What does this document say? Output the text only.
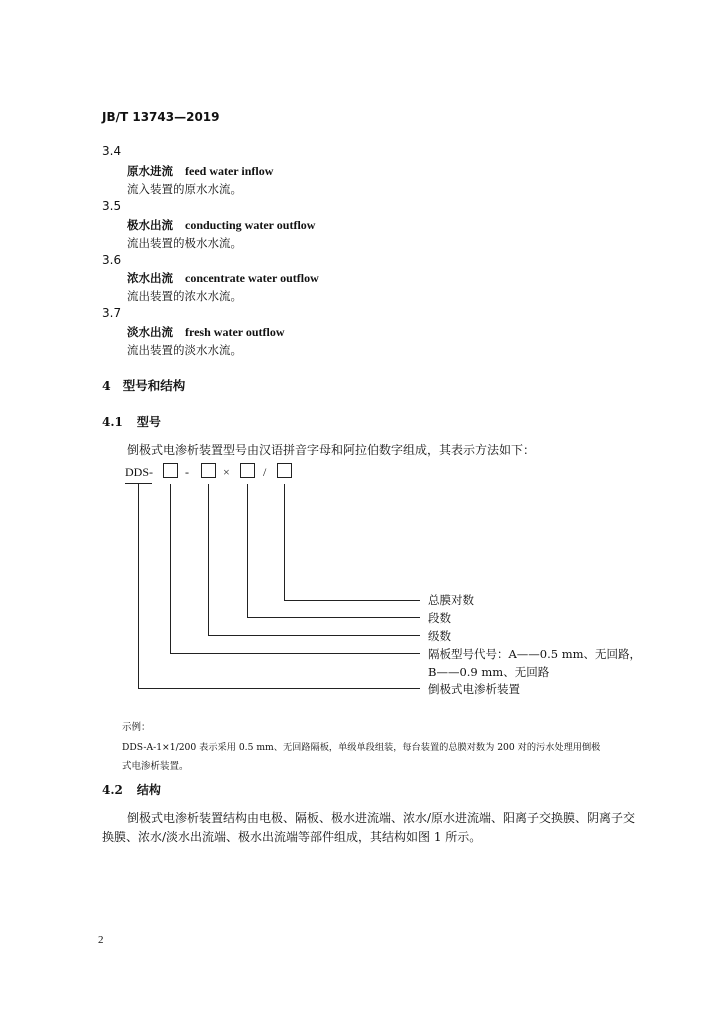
JB/T 13743—2019
3.4
原水进流 feed water inflow
流入装置的原水水流。
3.5
极水出流 conducting water outflow
流出装置的极水水流。
3.6
浓水出流 concentrate water outflow
流出装置的浓水水流。
3.7
淡水出流 fresh water outflow
流出装置的淡水水流。
4 型号和结构
4.1 型号
倒极式电渗析装置型号由汉语拼音字母和阿拉伯数字组成，其表示方法如下：
DDS-	-	×	/
总膜对数
段数
级数
隔板型号代号：A——0.5 mm、无回路，
B——0.9 mm、无回路
倒极式电渗析装置
示例：
DDS-A-1×1/200 表示采用 0.5 mm、无回路隔板，单级单段组装，每台装置的总膜对数为 200 对的污水处理用倒极
式电渗析装置。
4.2 结构
倒极式电渗析装置结构由电极、隔板、极水进流端、浓水/原水进流端、阳离子交换膜、阴离子交
换膜、浓水/淡水出流端、极水出流端等部件组成，其结构如图 1 所示。
2
